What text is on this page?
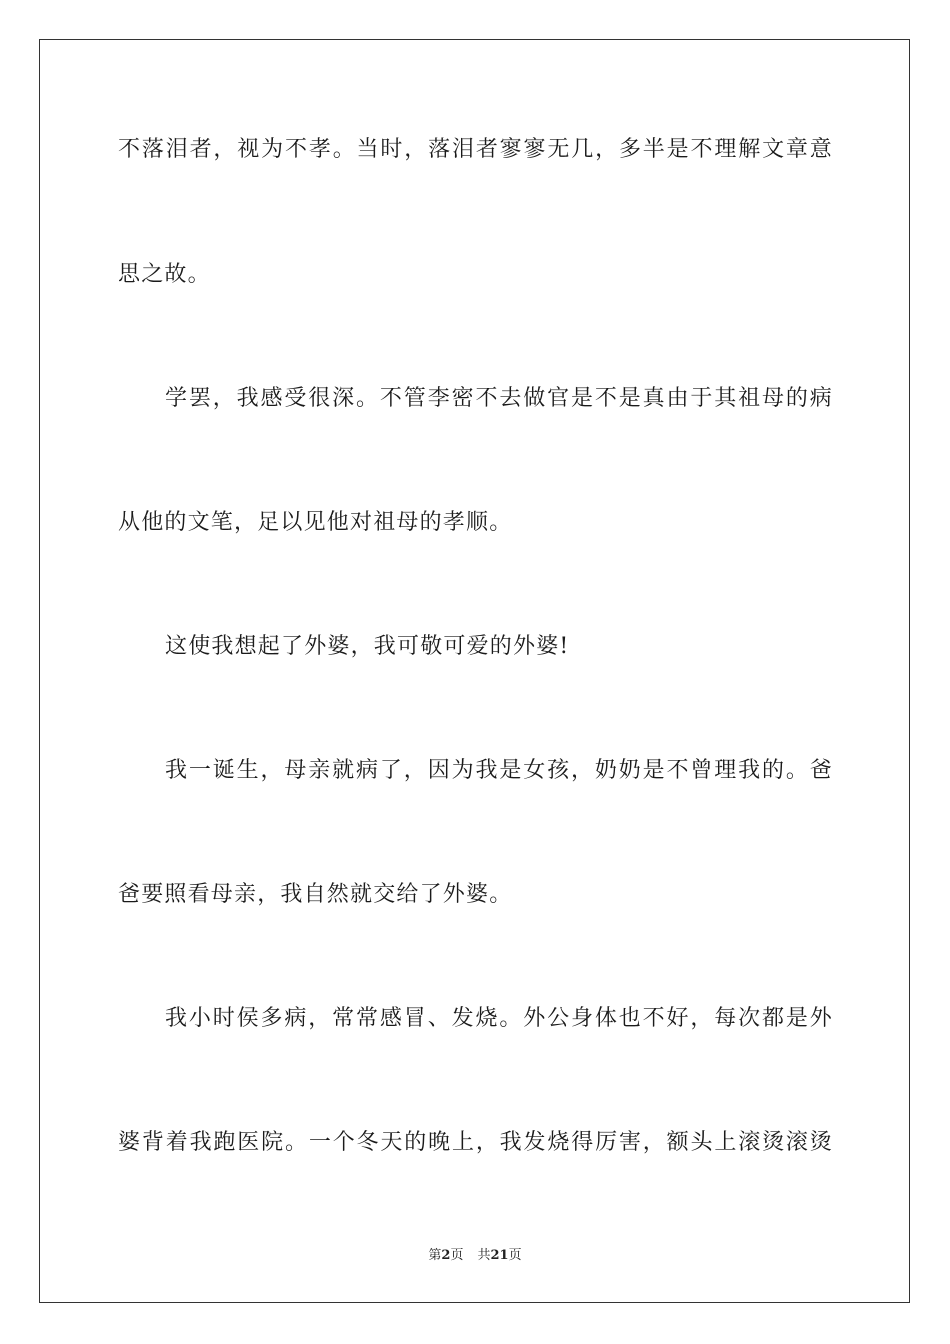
不落泪者，视为不孝。当时，落泪者寥寥无几，多半是不理解文章意
思之故。
学罢，我感受很深。不管李密不去做官是不是真由于其祖母的病
从他的文笔，足以见他对祖母的孝顺。
这使我想起了外婆，我可敬可爱的外婆!
我一诞生，母亲就病了，因为我是女孩，奶奶是不曾理我的。爸
爸要照看母亲，我自然就交给了外婆。
我小时侯多病，常常感冒、发烧。外公身体也不好，每次都是外
婆背着我跑医院。一个冬天的晚上，我发烧得厉害，额头上滚烫滚烫
第2页 共21页
